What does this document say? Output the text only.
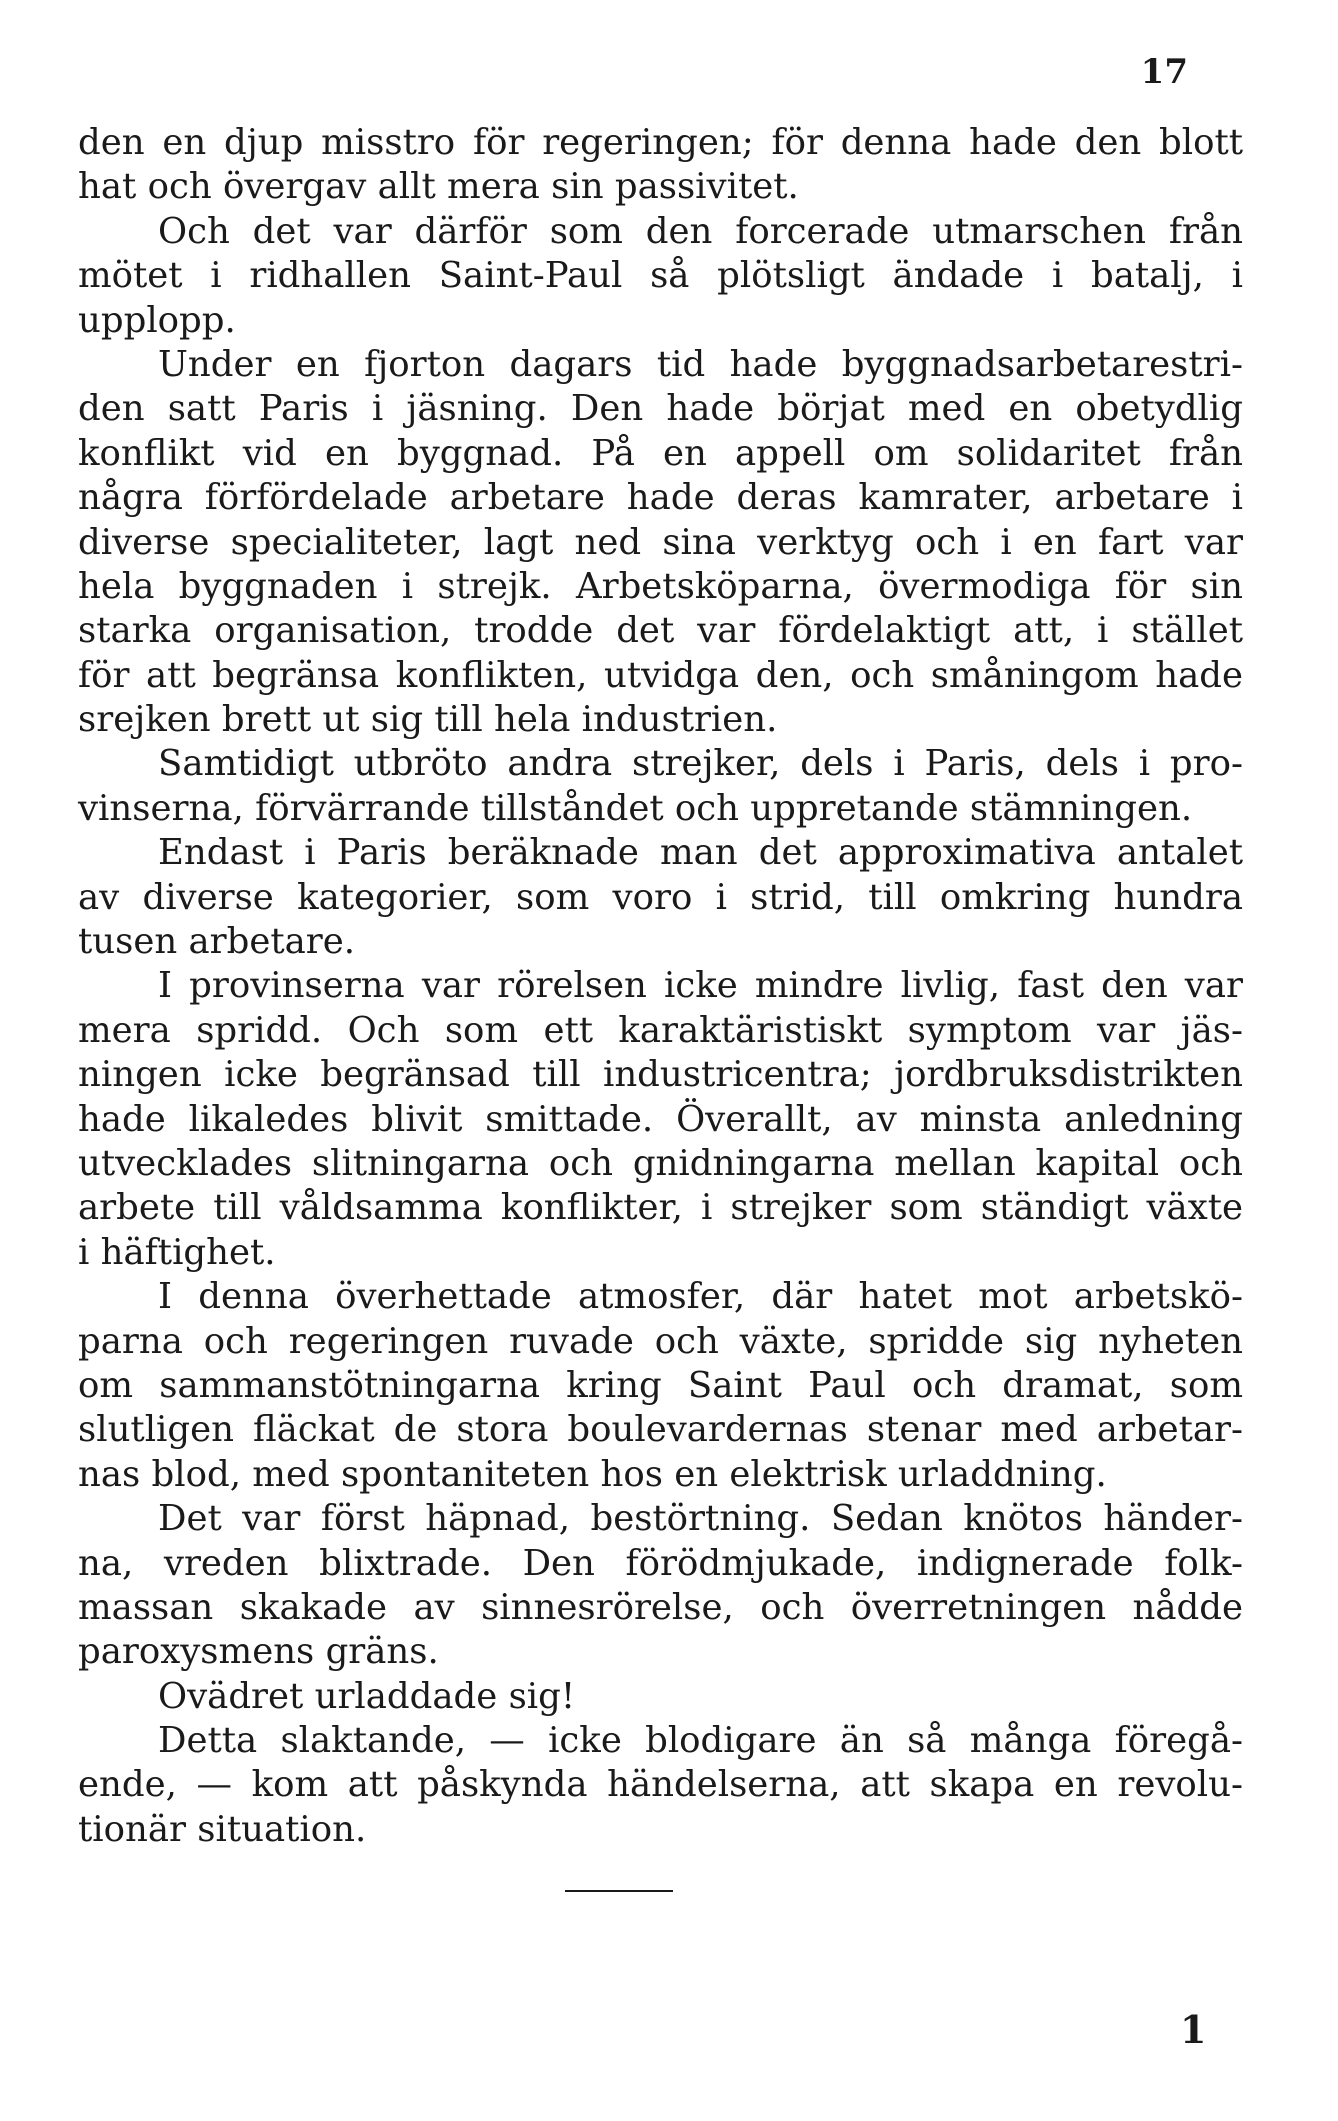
17
den en djup misstro för regeringen; för denna hade den blott
hat och övergav allt mera sin passivitet.
Och det var därför som den forcerade utmarschen från
mötet i ridhallen Saint-Paul så plötsligt ändade i batalj, i
upplopp.
Under en fjorton dagars tid hade byggnadsarbetarestri-
den satt Paris i jäsning. Den hade börjat med en obetydlig
konflikt vid en byggnad. På en appell om solidaritet från
några förfördelade arbetare hade deras kamrater, arbetare i
diverse specialiteter, lagt ned sina verktyg och i en fart var
hela byggnaden i strejk. Arbetsköparna, övermodiga för sin
starka organisation, trodde det var fördelaktigt att, i stället
för att begränsa konflikten, utvidga den, och småningom hade
srejken brett ut sig till hela industrien.
Samtidigt utbröto andra strejker, dels i Paris, dels i pro-
vinserna, förvärrande tillståndet och uppretande stämningen.
Endast i Paris beräknade man det approximativa antalet
av diverse kategorier, som voro i strid, till omkring hundra
tusen arbetare.
I provinserna var rörelsen icke mindre livlig, fast den var
mera spridd. Och som ett karaktäristiskt symptom var jäs-
ningen icke begränsad till industricentra; jordbruksdistrikten
hade likaledes blivit smittade. Överallt, av minsta anledning
utvecklades slitningarna och gnidningarna mellan kapital och
arbete till våldsamma konflikter, i strejker som ständigt växte
i häftighet.
I denna överhettade atmosfer, där hatet mot arbetskö-
parna och regeringen ruvade och växte, spridde sig nyheten
om sammanstötningarna kring Saint Paul och dramat, som
slutligen fläckat de stora boulevardernas stenar med arbetar-
nas blod, med spontaniteten hos en elektrisk urladdning.
Det var först häpnad, bestörtning. Sedan knötos händer-
na, vreden blixtrade. Den förödmjukade, indignerade folk-
massan skakade av sinnesrörelse, och överretningen nådde
paroxysmens gräns.
Ovädret urladdade sig!
Detta slaktande, — icke blodigare än så många föregå-
ende, — kom att påskynda händelserna, att skapa en revolu-
tionär situation.
1
